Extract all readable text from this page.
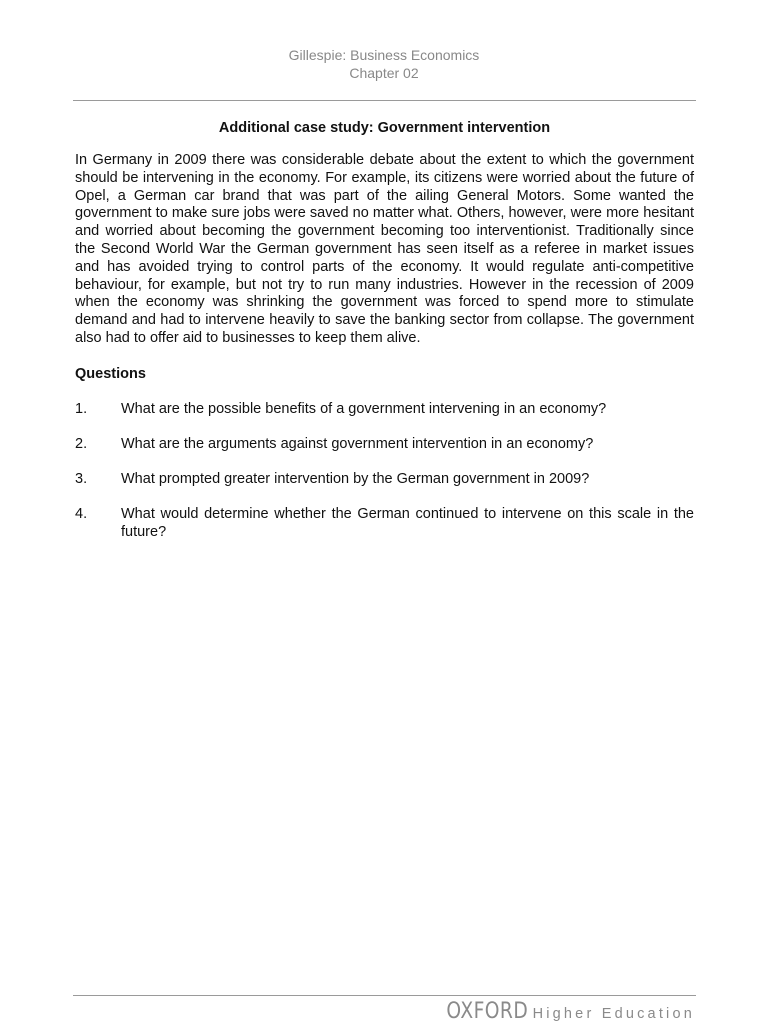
Gillespie: Business Economics
Chapter 02
Additional case study: Government intervention

In Germany in 2009 there was considerable debate about the extent to which the government should be intervening in the economy. For example, its citizens were worried about the future of Opel, a German car brand that was part of the ailing General Motors. Some wanted the government to make sure jobs were saved no matter what. Others, however, were more hesitant and worried about becoming the government becoming too interventionist. Traditionally since the Second World War the German government has seen itself as a referee in market issues and has avoided trying to control parts of the economy. It would regulate anti-competitive behaviour, for example, but not try to run many industries. However in the recession of 2009 when the economy was shrinking the government was forced to spend more to stimulate demand and had to intervene heavily to save the banking sector from collapse. The government also had to offer aid to businesses to keep them alive.

Questions
1.	What are the possible benefits of a government intervening in an economy?
2.	What are the arguments against government intervention in an economy?
3.	What prompted greater intervention by the German government in 2009?
4.	What would determine whether the German continued to intervene on this scale in the future?
OXFORD Higher Education
